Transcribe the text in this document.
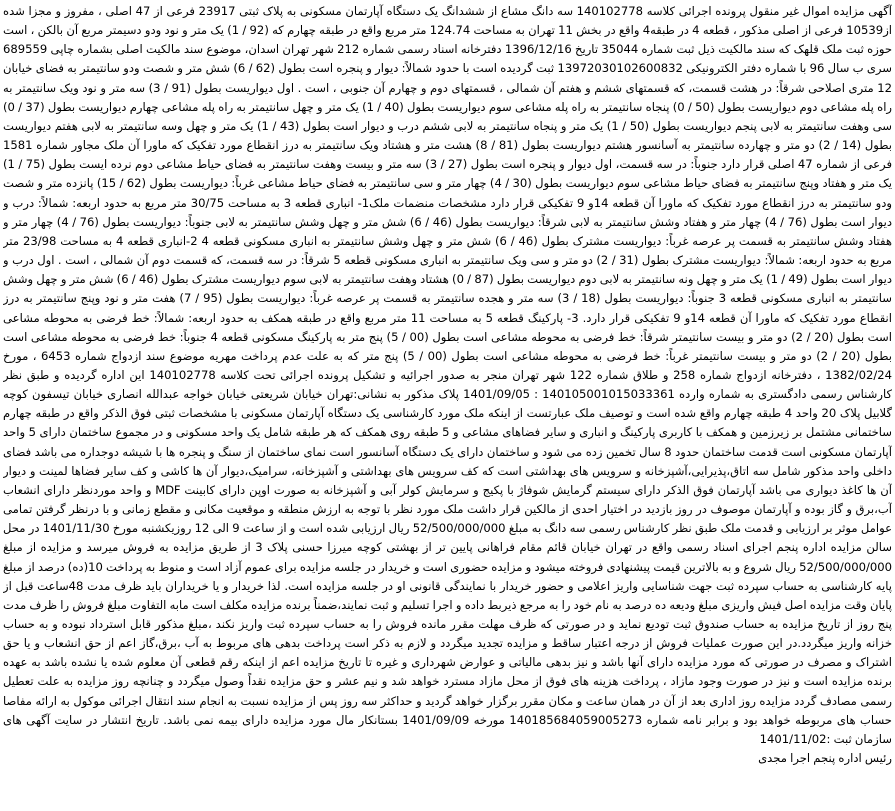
آگهی مزایده اموال غیر منقول پرونده اجرائی کلاسه 140102778 سه دانگ مشاع از ششدانگ یک دستگاه آپارتمان مسکونی به پلاک ثبتی 23917 فرعی از 47 اصلی ، مفروز و مجزا شده از10539 فرعی از اصلی مذکور ، قطعه 4 در طبقه4 واقع در بخش 11 تهران به مساحت 124.74 متر مربع واقع در طبقه چهارم که (92 / 1) یک متر و نود ودو دسیمتر مربع آن بالکن ، است حوزه ثبت ملک قلهک که سند مالکیت ذیل ثبت شماره 35044 تاریخ 1396/12/16 دفترخانه اسناد رسمی شماره 212 شهر تهران اسدان، موضوع سند مالکیت اصلی بشماره چاپی 689559 سری ب سال 96 با شماره دفتر الکترونیکی 13972030102600832 ثبت گردیده است با حدود شمالاً: دیوار و پنجره است بطول (62 / 6) شش متر و شصت ودو سانتیمتر به فضای خیابان 12 متری اصلاحی شرقاً: در هشت قسمت، که قسمتهای ششم و هفتم آن شمالی ، قسمتهای دوم و چهارم آن جنوبی ، است . اول دیواریست بطول (91 / 3) سه متر و نود ویک سانتیمتر به راه پله مشاعی دوم دیواریست بطول (50 / 0) پنجاه سانتیمتر به راه پله مشاعی سوم دیواریست بطول (40 / 1) یک متر و چهل سانتیمتر به راه پله مشاعی چهارم دیواریست بطول (37 / 0) سی وهفت سانتیمتر به لابی پنجم دیواریست بطول (50 / 1) یک متر و پنجاه سانتیمتر به لابی ششم درب و دیوار است بطول (43 / 1) یک متر و چهل وسه سانتیمتر به لابی هفتم دیواریست بطول (14 / 2) دو متر و چهارده سانتیمتر به آسانسور هشتم دیواریست بطول (81 / 8) هشت متر و هشتاد ویک سانتیمتر به درز انقطاع مورد تفکیک که ماورا آن ملک مجاور شماره 1581 فرعی از شماره 47 اصلی قرار دارد جنوباً: در سه قسمت، اول دیوار و پنجره است بطول (27 / 3) سه متر و بیست وهفت سانتیمتر به فضای حیاط مشاعی دوم نرده ایست بطول (75 / 1) یک متر و هفتاد وپنج سانتیمتر به فضای حیاط مشاعی سوم دیواریست بطول (30 / 4) چهار متر و سی سانتیمتر به فضای حیاط مشاعی غرباً: دیواریست بطول (62 / 15) پانزده متر و شصت ودو سانتیمتر به درز انقطاع مورد تفکیک که ماورا آن قطعه 14و 9 تفکیکی قرار دارد مشخصات منضمات ملک1- انباری قطعه 3 به مساحت 30/75 متر مربع به حدود اربعه: شمالاً: درب و دیوار است بطول (76 / 4) چهار متر و هفتاد وشش سانتیمتر به لابی شرقاً: دیواریست بطول (46 / 6) شش متر و چهل وشش سانتیمتر به لابی جنوباً: دیواریست بطول (76 / 4) چهار متر و هفتاد وشش سانتیمتر به قسمت پر عرصه غرباً: دیواریست مشترک بطول (46 / 6) شش متر و چهل وشش سانتیمتر به انباری مسکونی قطعه 4 2-انباری قطعه 4 به مساحت 23/98 متر مربع به حدود اربعه: شمالاً: دیواریست مشترک بطول (31 / 2) دو متر و سی ویک سانتیمتر به انباری مسکونی قطعه 5 شرقاً: در سه قسمت، که قسمت دوم آن شمالی ، است . اول درب و دیوار است بطول (49 / 1) یک متر و چهل ونه سانتیمتر به لابی دوم دیواریست بطول (87 / 0) هشتاد وهفت سانتیمتر به لابی سوم دیواریست مشترک بطول (46 / 6) شش متر و چهل وشش سانتیمتر به انباری مسکونی قطعه 3 جنوباً: دیواریست بطول (18 / 3) سه متر و هجده سانتیمتر به قسمت پر عرصه غرباً: دیواریست بطول (95 / 7) هفت متر و نود وپنج سانتیمتر به درز انقطاع مورد تفکیک که ماورا آن قطعه 14و 9 تفکیکی قرار دارد. 3- پارکینگ قطعه 5 به مساحت 11 متر مربع واقع در طبقه همکف به حدود اربعه: شمالاً: خط فرضی به محوطه مشاعی است بطول (20 / 2) دو متر و بیست سانتیمتر شرقاً: خط فرضی به محوطه مشاعی است بطول (00 / 5) پنج متر به پارکینگ مسکونی قطعه 4 جنوباً: خط فرضی به محوطه مشاعی است بطول (20 / 2) دو متر و بیست سانتیمتر غرباً: خط فرضی به محوطه مشاعی است بطول (00 / 5) پنج متر که به علت عدم پرداخت مهریه موضوع سند ازدواج شماره 6453 ، مورخ 1382/02/24 ، دفترخانه ازدواج شماره 258 و طلاق شماره 122 شهر تهران منجر به صدور اجرائیه و تشکیل پرونده اجرائی تحت کلاسه 140102778 این اداره گردیده و طبق نظر کارشناس رسمی دادگستری به شماره وارده 140105001015033361 : 1401/09/05 پلاک مذکور به نشانی:تهران خیابان شریعتی خیابان خواجه عبدالله انصاری خیابان تیسفون کوچه گلابیل پلاک 20 واحد 4 طبقه چهارم واقع شده است و توصیف ملک عبارتست از اینکه ملک مورد کارشناسی یک دستگاه آپارتمان مسکونی با مشخصات ثبتی فوق الذکر واقع در طبقه چهارم ساختمانی مشتمل بر زیرزمین و همکف با کاربری پارکینگ و انباری و سایر فضاهای مشاعی و 5 طبقه روی همکف که هر طبقه شامل یک واحد مسکونی و در مجموع ساختمان دارای 5 واحد آپارتمان مسکونی است قدمت ساختمان حدود 8 سال تخمین زده می شود و ساختمان دارای یک دستگاه آسانسور است نمای ساختمان از سنگ و پنجره ها با شیشه دوجداره می باشد فضای داخلی واحد مذکور شامل سه اتاق،پذیرایی،آشپزخانه و سرویس های بهداشتی است که کف سرویس های بهداشتی و آشپزخانه، سرامیک،دیوار آن ها کاشی و کف سایر فضاها لمینت و دیوار آن ها کاغذ دیواری می باشد آپارتمان فوق الذکر دارای سیستم گرمایش شوفاژ با پکیج و سرمایش کولر آبی و آشپزخانه به صورت اوپن دارای کابینت MDF و واحد موردنظر دارای انشعاب آب،برق و گاز بوده و آپارتمان موصوف در روز بازدید در اختیار احدی از مالکین قرار داشت ملک مورد نظر با توجه به ارزش منطقه و موقعیت مکانی و مقطع زمانی و با درنظر گرفتن تمامی عوامل موثر بر ارزیابی و قدمت ملک طبق نظر کارشناس رسمی سه دانگ به مبلغ 52/500/000/000 ریال ارزیابی شده است و از ساعت 9 الی 12 روزیکشنبه مورخ 1401/11/30 در محل سالن مزایده اداره پنجم اجرای اسناد رسمی واقع در تهران خیابان قائم مقام فراهانی پایین تر از بهشتی کوچه میرزا حسنی پلاک 3 از طریق مزایده به فروش میرسد و مزایده از مبلغ 52/500/000/000 ریال شروع و به بالاترین قیمت پیشنهادی فروخته میشود و مزایده حضوری است و خریدار در جلسه مزایده برای عموم آزاد است و منوط به پرداخت 10(ده) درصد از مبلغ پایه کارشناسی به حساب سپرده ثبت جهت شناسایی واریز اعلامی و حضور خریدار با نمایندگی قانونی او در جلسه مزایده است. لذا خریدار و یا خریداران باید ظرف مدت 48ساعت قبل از پایان وقت مزایده اصل فیش واریزی مبلغ ودیعه ده درصد به نام خود را به مرجع ذیربط داده و اجرا تسلیم و ثبت نمایند،ضمناً برنده مزایده مکلف است مابه التفاوت مبلغ فروش را ظرف مدت پنج روز از تاریخ مزایده به حساب صندوق ثبت تودیع نماید و در صورتی که ظرف مهلت مقرر مانده فروش را به حساب سپرده ثبت واریز نکند ،مبلغ مذکور قابل استرداد نبوده و به حساب خزانه واریز میگردد.در این صورت عملیات فروش از درجه اعتبار ساقط و مزایده تجدید میگردد و لازم به ذکر است پرداخت بدهی های مربوط به آب ،برق،گاز اعم از حق انشعاب و یا حق اشتراک و مصرف در صورتی که مورد مزایده دارای آنها باشد و نیز بدهی مالیاتی و عوارض شهرداری و غیره تا تاریخ مزایده اعم از اینکه رقم قطعی آن معلوم شده یا نشده باشد به عهده برنده مزایده است و نیز در صورت وجود مازاد ، پرداخت هزینه های فوق از محل مازاد مسترد خواهد شد و نیم عشر و حق مزایده نقداً وصول میگردد و چنانچه روز مزایده به علت تعطیل رسمی مصادف گردد مزایده روز اداری بعد از آن در همان ساعت و مکان مقرر برگزار خواهد گردید و حداکثر سه روز پس از مزایده نسبت به انجام سند انتقال اجرائی موکول به ارائه مفاصا حساب های مربوطه خواهد بود و برابر نامه شماره 140185684059005273 مورخه 1401/09/09 بستانکار مال مورد مزایده دارای بیمه نمی باشد. تاریخ انتشار در سایت آگهی های سازمان ثبت :1401/11/02

رئیس اداره پنجم اجرا مجدی
